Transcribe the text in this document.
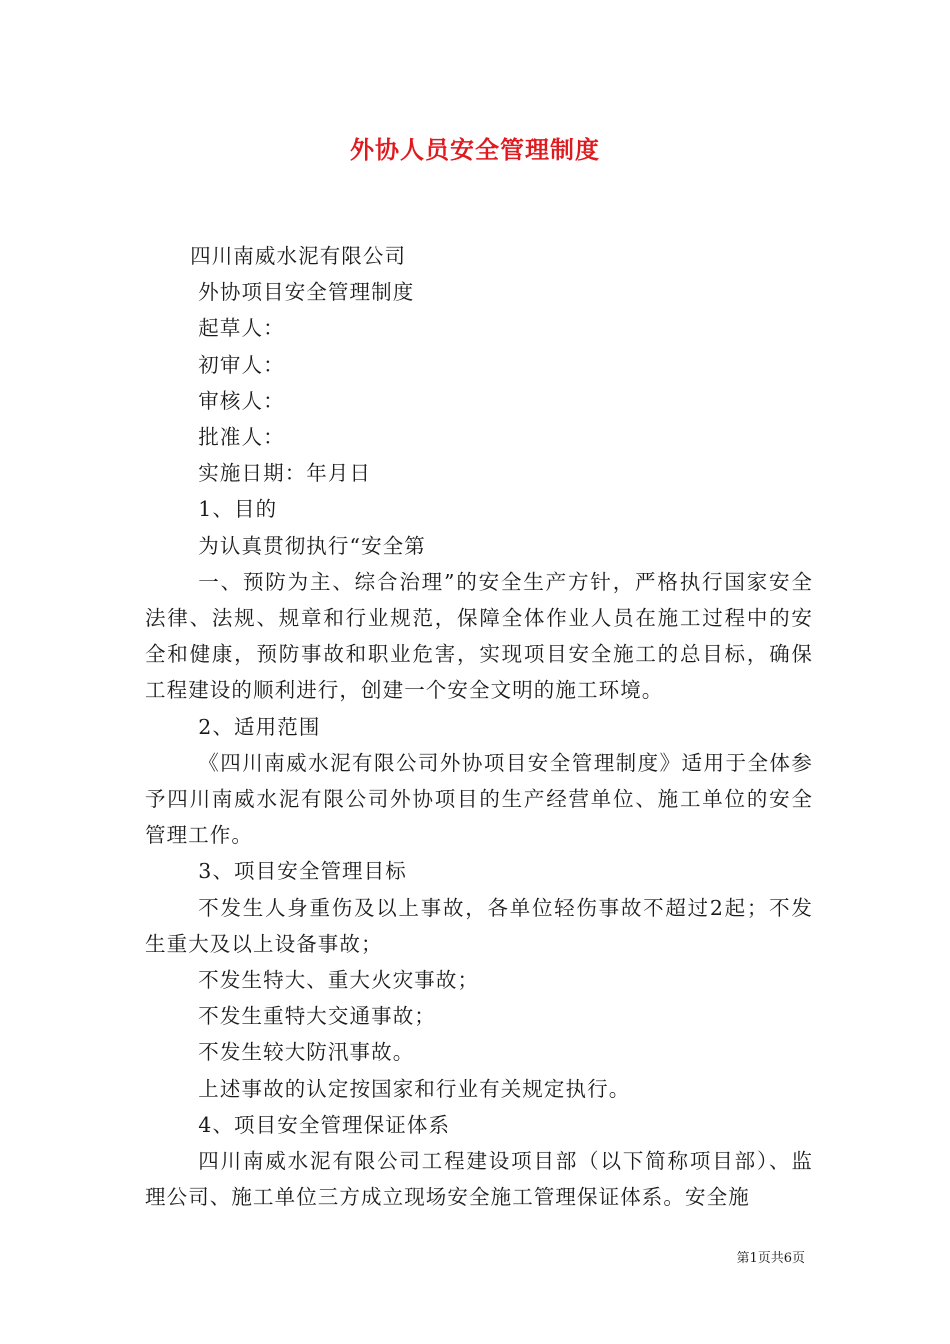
外协人员安全管理制度

四川南威水泥有限公司

外协项目安全管理制度

起草人：

初审人：

审核人：

批准人：

实施日期：年月日

1、目的

为认真贯彻执行“安全第

一、预防为主、综合治理”的安全生产方针，严格执行国家安全法律、法规、规章和行业规范，保障全体作业人员在施工过程中的安全和健康，预防事故和职业危害，实现项目安全施工的总目标，确保工程建设的顺利进行，创建一个安全文明的施工环境。

2、适用范围

《四川南威水泥有限公司外协项目安全管理制度》适用于全体参予四川南威水泥有限公司外协项目的生产经营单位、施工单位的安全管理工作。

3、项目安全管理目标

不发生人身重伤及以上事故，各单位轻伤事故不超过2起；不发生重大及以上设备事故；

不发生特大、重大火灾事故；

不发生重特大交通事故；

不发生较大防汛事故。

上述事故的认定按国家和行业有关规定执行。

4、项目安全管理保证体系

四川南威水泥有限公司工程建设项目部（以下简称项目部）、监理公司、施工单位三方成立现场安全施工管理保证体系。安全施

第1页共6页
